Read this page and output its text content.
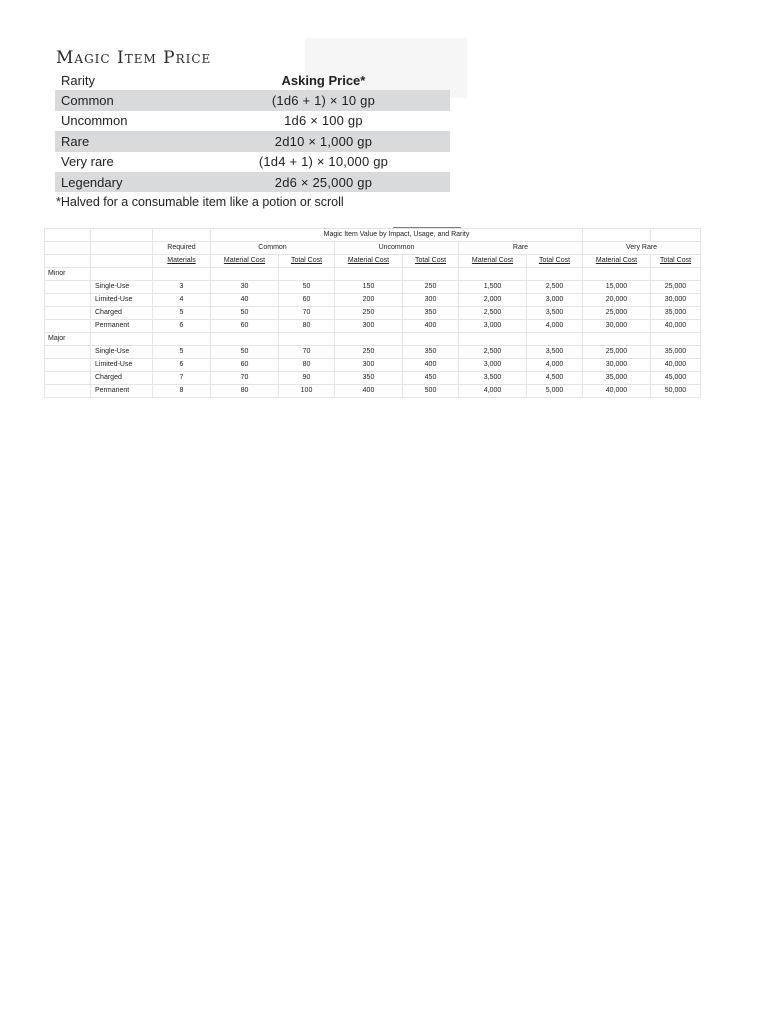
Magic Item Price
Rarity	Asking Price*
Common	(1d6 + 1) × 10 gp
Uncommon	1d6 × 100 gp
Rare	2d10 × 1,000 gp
Very rare	(1d4 + 1) × 10,000 gp
Legendary	2d6 × 25,000 gp
*Halved for a consumable item like a potion or scroll
			Magic Item Value by Impact, Usage, and Rarity							
		Required	Common		Uncommon		Rare		Very Rare	
		Materials	Material Cost	Total Cost	Material Cost	Total Cost	Material Cost	Total Cost	Material Cost	Total Cost
Minor										
	Single-Use	3	30	50	150	250	1,500	2,500	15,000	25,000
	Limited-Use	4	40	60	200	300	2,000	3,000	20,000	30,000
	Charged	5	50	70	250	350	2,500	3,500	25,000	35,000
	Permanent	6	60	80	300	400	3,000	4,000	30,000	40,000
Major										
	Single-Use	5	50	70	250	350	2,500	3,500	25,000	35,000
	Limited-Use	6	60	80	300	400	3,000	4,000	30,000	40,000
	Charged	7	70	90	350	450	3,500	4,500	35,000	45,000
	Permanent	8	80	100	400	500	4,000	5,000	40,000	50,000
